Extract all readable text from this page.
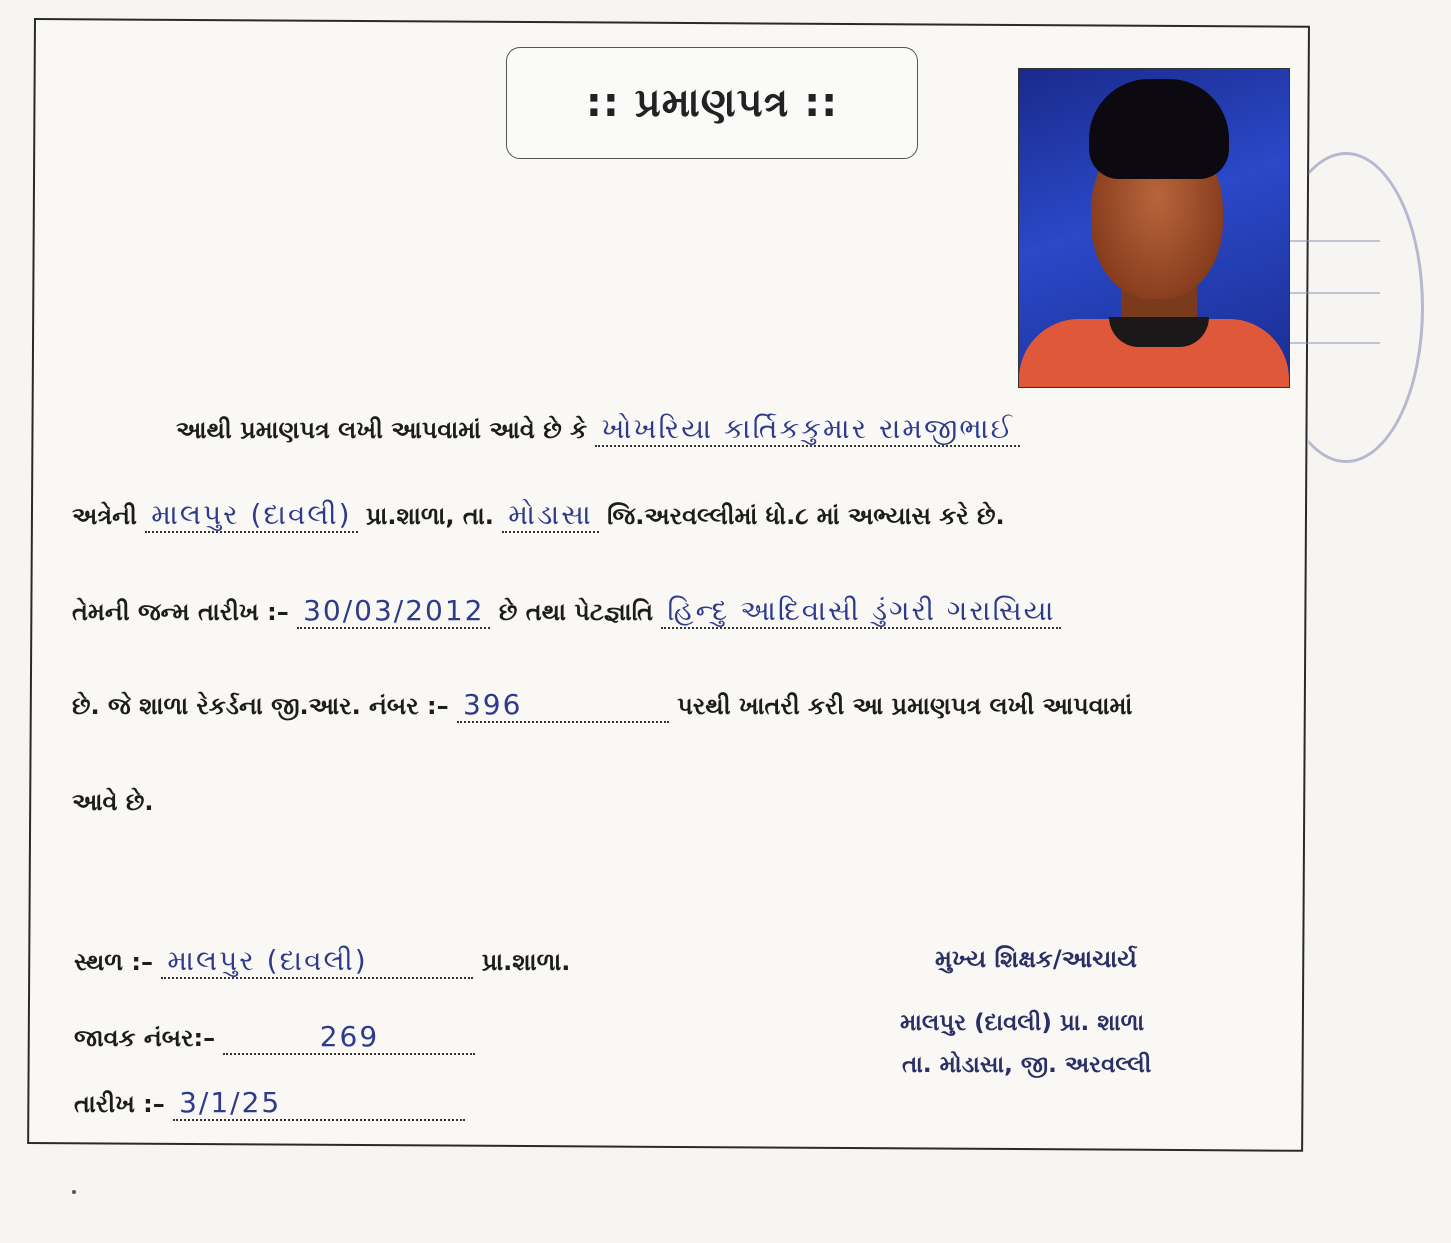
:: પ્રમાણપત્ર ::
આથી પ્રમાણપત્ર લખી આપવામાં આવે છે કે ખોખરિયા કાર્તિકકુમાર રામજીભાઈ
અત્રેની માલપુર (દાવલી) પ્રા.શાળા, તા. મોડાસા જિ.અરવલ્લીમાં ધો.૮ માં અભ્યાસ કરે છે.
તેમની જન્મ તારીખ :– 30/03/2012 છે તથા પેટજ્ઞાતિ હિન્દુ આદિવાસી ડુંગરી ગરાસિયા
છે. જે શાળા રેકર્ડના જી.આર. નંબર :– 396	પરથી ખાતરી કરી આ પ્રમાણપત્ર લખી આપવામાં
આવે છે.
સ્થળ :– માલપુર (દાવલી)	પ્રા.શાળા.
જાવક નંબર:–	269
તારીખ :– 3/1/25
મુખ્ય શિક્ષક/આચાર્ય
માલપુર (દાવલી) પ્રા. શાળા
તા. મોડાસા, જી. અરવલ્લી
